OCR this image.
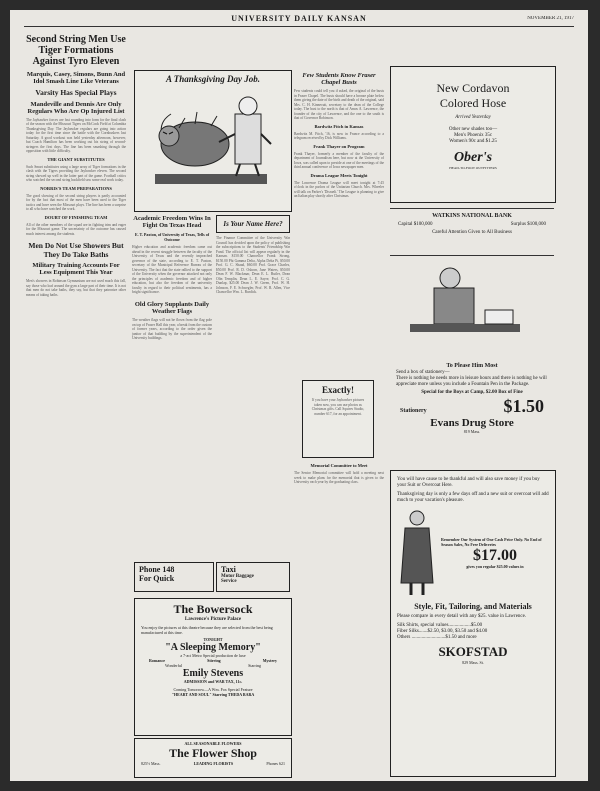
UNIVERSITY DAILY KANSAN	NOVEMBER 21, 1917
Second String Men Use Tiger Formations Against Tyro Eleven
Marquis, Casey, Simons, Bunn And Idol Smash Line Like Veterans
Varsity Has Special Plays
Mandeville and Dennis Are Only Regulars Who Are Op Injured List
The Jayhawker forces are fast rounding into form for the final clash of the season with the Missouri Tigers on McCook Field at Columbia Thanksgiving Day. The Jayhawker regulars are going into action today for the first time since the battle with the Cornhuskers last Saturday. A good workout was held yesterday afternoon, however, but Coach Hamilton has been working out his string of second-stringers the first days. The line has been smashing through the opposition with little difficulty.
THE GIANT SUBSTITUTES
Such Smart substitutes using a large array of Tiger formations in the clash with the Tigers providing the Jayhawker eleven. The second string showed up well in the latter part of the game. Football critics who watched the second string backfield saw some real work today.
NORRIS'S TEAM PREPARATIONS
The good showing of the second string players is partly accounted for by the fact that most of the men have been used to the Tiger tactics and have seen the Missouri plays. The line has been a surprise to all who have watched the work.
DOUBT OF FINISHING TEAM
All of the other members of the squad are in fighting trim and eager for the Missouri game. The uncertainty of the outcome has caused much interest among the students.
Men Do Not Use Showers But They Do Take Baths
Military Training Accounts For Less Equipment This Year
Men's showers in Robinson Gymnasium are not used much this fall, say those who loaf around the gym a large part of their time. It is not that men do not take baths, they say, but that they patronize other means of taking baths.
A Thanksgiving Day Job.
Academic Freedom Wins In Fight On Texas Head
E. T. Paxton, of University of Texas, Tells of Outcome
Higher education and academic freedom came out ahead in the recent struggle between the faculty of the University of Texas and the recently impeached governor of the state, according to E. T. Paxton, secretary of the Municipal Reference Bureau of the University. The fact that the state rallied to the support of the University when the governor attacked not only the principles of academic freedom and of higher education, but also the freedom of the university faculty in regard to their political sentiments, has a bright significance.
Old Glory Supplants Daily Weather Flags
The weather flags will not be flown from the flag pole on top of Fraser Hall this year, a break from the custom of former years, according to the order given the janitor of that building by the superintendent of the University buildings.
Is Your Name Here?
The Finance Committee of the University War Council has decided upon the policy of publishing the subscriptions to the Students' Friendship War Fund. The official list will appear regularly in the Kansan. $150.00 Chancellor Frank Strong, $150.00 Phi Gamma Delta, Alpha Delta Pi, $50.00 Prof. G. C. Shaad, $60.00 Prof. Grace Charles, $50.00 Prof. R. D. Osborn, Jane Waters, $50.00 Dean F. W. Blackmar, Dean E. L. Butler, Dean Olin Templin, Dean L. E. Sayre, Prof. C. G. Dunlap, $25.00 Dean J. W. Green, Prof. W. H. Johnson, F. E. Schwegler, Prof. W. R. Allen, Vice Chancellor Wm. L. Burdick.
Few Students Know Fraser Chapel Busts
Few students could tell you if asked, the original of the busts in Fraser Chapel. The busts should have a bronze plate below them giving the date of the birth and death of the original, said Mrs. C. H. Kinnecutt, secretary to the dean of the College today. The bust to the north is that of Amos A. Lawrence, the founder of the city of Lawrence, and the one to the south is that of Governor Robinson.
Bardwitz Fitch in Kansas
Bardwitz M. Fitch, '16, is now in France according to a telegram received by Dick Williams.
Frank Thayer on Program
Frank Thayer, formerly a member of the faculty of the department of Journalism here, but now at the University of Iowa, was called upon to preside at one of the meetings of the third annual conference of Iowa newspaper men.
Drama League Meets Tonight
The Lawrence Drama League will meet tonight at 7:45 o'clock in the parlors of the Unitarian Church. Mrs. Wheeler will talk on Parker's 'Disraeli.' The League is planning to give an Italian play shortly after Christmas.
Exactly!
If you have your Jayhawker pictures taken now, you can use photos as Christmas gifts. Call Squires Studio, number 617, for an appointment.
Memorial Committee to Meet
The Senior Memorial committee will hold a meeting next week to make plans for the memorial that is given to the University each year by the graduating class.
New Cordavon
Colored Hose
Arrived Yesterday
Other new shades too—
Men's Phoenix 35c
Women's 90c and $1.25
Ober's
HEAD-TO-FOOT OUTFITTERS
WATKINS NATIONAL BANK
Capital $100,000	Surplus $100,000
Careful Attention Given to All Business
To Please Him Most
Send a box of stationery—
There is nothing he needs more in leisure hours and there is nothing he will appreciate more unless you include a Fountain Pen in the Package.
Special for the Boys at Camp, $2.00 Box of Fine
Stationery	$1.50
Evans Drug Store
819 Mass.
You will have cause to be thankful and will also save money if you buy your Suit or Overcoat Here.
Thanksgiving day is only a few days off and a new suit or overcoat will add much to your vacation's pleasure.
Remember Our System of One Cash Price Only. No End of Season Sales, No Free Deliveries
$17.00
gives you regular $25.00 values in
Style, Fit, Tailoring, and Materials
Please compare in every detail with any $25. value in Lawrence.
Silk Shirts, special values..................$5.00
Fiber Silks.......$2.50, $3.00, $3.50 and $4.00
Others ...........................$1.50 and more
SKOFSTAD
829 Mass. St.
Phone 148
For Quick
Taxi
Motor Baggage
Service
The Bowersock
Lawrence's Picture Palace
You enjoy the pictures at this theatre because they are selected from the best being manufactured at this time.
TONIGHT
"A Sleeping Memory"
a 7-act Metro Special production de luxe
Romance	Stirring	Mystery
Wonderful	Starring
Emily Stevens
ADMISSION and WAR TAX, 11c.
Coming Tomorrow—A Wm. Fox Special Feature
"HEART AND SOUL" Starring THEDA BARA
ALL SEASONABLE FLOWERS
The Flower Shop
825½ Mass.	LEADING FLORISTS	Phones 621
